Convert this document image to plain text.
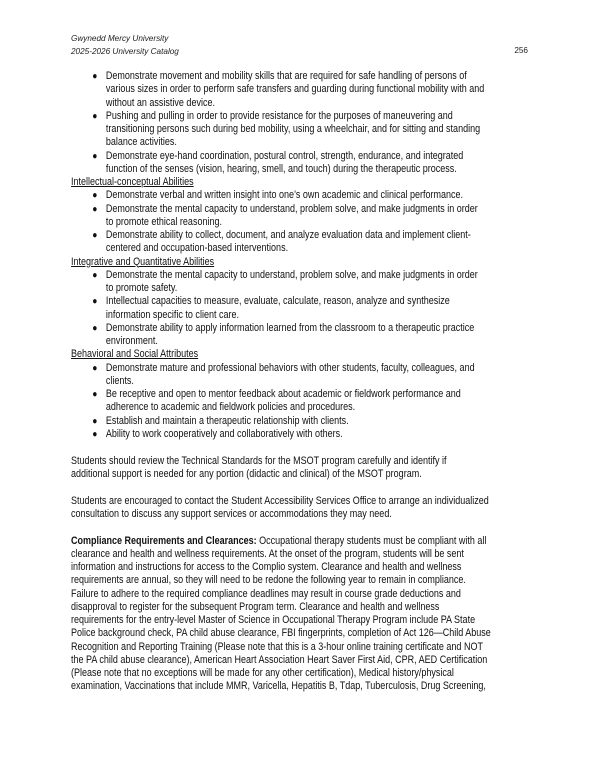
Gwynedd Mercy University
2025-2026 University Catalog	256
● Demonstrate movement and mobility skills that are required for safe handling of persons of
various sizes in order to perform safe transfers and guarding during functional mobility with and
without an assistive device.
● Pushing and pulling in order to provide resistance for the purposes of maneuvering and
transitioning persons such during bed mobility, using a wheelchair, and for sitting and standing
balance activities.
● Demonstrate eye-hand coordination, postural control, strength, endurance, and integrated
function of the senses (vision, hearing, smell, and touch) during the therapeutic process.
Intellectual-conceptual Abilities
● Demonstrate verbal and written insight into one’s own academic and clinical performance.
● Demonstrate the mental capacity to understand, problem solve, and make judgments in order
to promote ethical reasoning.
● Demonstrate ability to collect, document, and analyze evaluation data and implement client-
centered and occupation-based interventions.
Integrative and Quantitative Abilities
● Demonstrate the mental capacity to understand, problem solve, and make judgments in order
to promote safety.
● Intellectual capacities to measure, evaluate, calculate, reason, analyze and synthesize
information specific to client care.
● Demonstrate ability to apply information learned from the classroom to a therapeutic practice
environment.
Behavioral and Social Attributes
● Demonstrate mature and professional behaviors with other students, faculty, colleagues, and
clients.
● Be receptive and open to mentor feedback about academic or fieldwork performance and
adherence to academic and fieldwork policies and procedures.
● Establish and maintain a therapeutic relationship with clients.
● Ability to work cooperatively and collaboratively with others.
Students should review the Technical Standards for the MSOT program carefully and identify if
additional support is needed for any portion (didactic and clinical) of the MSOT program.
Students are encouraged to contact the Student Accessibility Services Office to arrange an individualized
consultation to discuss any support services or accommodations they may need.
Compliance Requirements and Clearances: Occupational therapy students must be compliant with all
clearance and health and wellness requirements. At the onset of the program, students will be sent
information and instructions for access to the Complio system. Clearance and health and wellness
requirements are annual, so they will need to be redone the following year to remain in compliance.
Failure to adhere to the required compliance deadlines may result in course grade deductions and
disapproval to register for the subsequent Program term. Clearance and health and wellness
requirements for the entry-level Master of Science in Occupational Therapy Program include PA State
Police background check, PA child abuse clearance, FBI fingerprints, completion of Act 126—Child Abuse
Recognition and Reporting Training (Please note that this is a 3-hour online training certificate and NOT
the PA child abuse clearance), American Heart Association Heart Saver First Aid, CPR, AED Certification
(Please note that no exceptions will be made for any other certification), Medical history/physical
examination, Vaccinations that include MMR, Varicella, Hepatitis B, Tdap, Tuberculosis, Drug Screening,
